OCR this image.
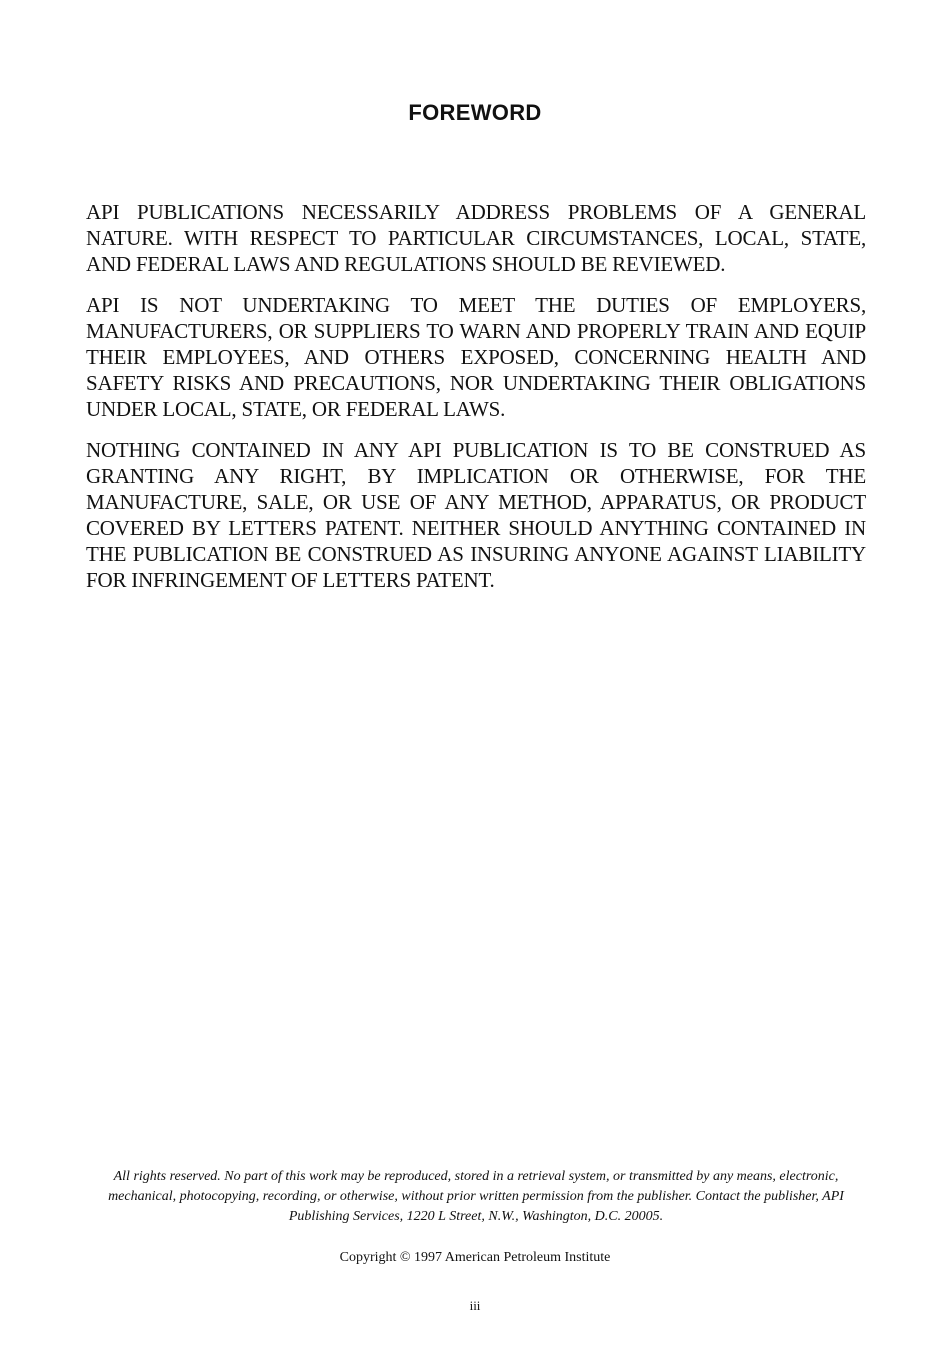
FOREWORD

API PUBLICATIONS NECESSARILY ADDRESS PROBLEMS OF A GENERAL NATURE. WITH RESPECT TO PARTICULAR CIRCUMSTANCES, LOCAL, STATE, AND FEDERAL LAWS AND REGULATIONS SHOULD BE REVIEWED.

API IS NOT UNDERTAKING TO MEET THE DUTIES OF EMPLOYERS, MANUFACTURERS, OR SUPPLIERS TO WARN AND PROPERLY TRAIN AND EQUIP THEIR EMPLOYEES, AND OTHERS EXPOSED, CONCERNING HEALTH AND SAFETY RISKS AND PRECAUTIONS, NOR UNDERTAKING THEIR OBLIGATIONS UNDER LOCAL, STATE, OR FEDERAL LAWS.

NOTHING CONTAINED IN ANY API PUBLICATION IS TO BE CONSTRUED AS GRANTING ANY RIGHT, BY IMPLICATION OR OTHERWISE, FOR THE MANUFACTURE, SALE, OR USE OF ANY METHOD, APPARATUS, OR PRODUCT COVERED BY LETTERS PATENT. NEITHER SHOULD ANYTHING CONTAINED IN THE PUBLICATION BE CONSTRUED AS INSURING ANYONE AGAINST LIABILITY FOR INFRINGEMENT OF LETTERS PATENT.

All rights reserved. No part of this work may be reproduced, stored in a retrieval system, or transmitted by any means, electronic, mechanical, photocopying, recording, or otherwise, without prior written permission from the publisher. Contact the publisher, API Publishing Services, 1220 L Street, N.W., Washington, D.C. 20005.
Copyright © 1997 American Petroleum Institute
iii
